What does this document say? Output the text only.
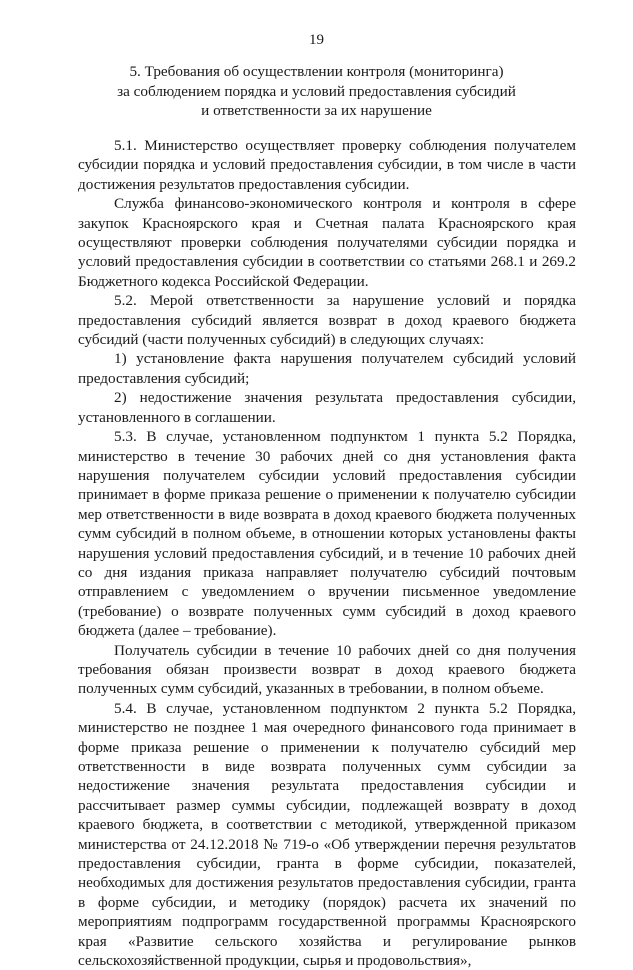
19
5. Требования об осуществлении контроля (мониторинга)
за соблюдением порядка и условий предоставления субсидий
и ответственности за их нарушение

5.1. Министерство осуществляет проверку соблюдения получателем субсидии порядка и условий предоставления субсидии, в том числе в части достижения результатов предоставления субсидии.

Служба финансово-экономического контроля и контроля в сфере закупок Красноярского края и Счетная палата Красноярского края осуществляют проверки соблюдения получателями субсидии порядка и условий предоставления субсидии в соответствии со статьями 268.1 и 269.2 Бюджетного кодекса Российской Федерации.

5.2. Мерой ответственности за нарушение условий и порядка предоставления субсидий является возврат в доход краевого бюджета субсидий (части полученных субсидий) в следующих случаях:

1) установление факта нарушения получателем субсидий условий предоставления субсидий;

2) недостижение значения результата предоставления субсидии, установленного в соглашении.

5.3. В случае, установленном подпунктом 1 пункта 5.2 Порядка, министерство в течение 30 рабочих дней со дня установления факта нарушения получателем субсидии условий предоставления субсидии принимает в форме приказа решение о применении к получателю субсидии мер ответственности в виде возврата в доход краевого бюджета полученных сумм субсидий в полном объеме, в отношении которых установлены факты нарушения условий предоставления субсидий, и в течение 10 рабочих дней со дня издания приказа направляет получателю субсидий почтовым отправлением с уведомлением о вручении письменное уведомление (требование) о возврате полученных сумм субсидий в доход краевого бюджета (далее – требование).

Получатель субсидии в течение 10 рабочих дней со дня получения требования обязан произвести возврат в доход краевого бюджета полученных сумм субсидий, указанных в требовании, в полном объеме.

5.4. В случае, установленном подпунктом 2 пункта 5.2 Порядка, министерство не позднее 1 мая очередного финансового года принимает в форме приказа решение о применении к получателю субсидий мер ответственности в виде возврата полученных сумм субсидии за недостижение значения результата предоставления субсидии и рассчитывает размер суммы субсидии, подлежащей возврату в доход краевого бюджета, в соответствии с методикой, утвержденной приказом министерства от 24.12.2018 № 719-о «Об утверждении перечня результатов предоставления субсидии, гранта в форме субсидии, показателей, необходимых для достижения результатов предоставления субсидии, гранта в форме субсидии, и методику (порядок) расчета их значений по мероприятиям подпрограмм государственной программы Красноярского края «Развитие сельского хозяйства и регулирование рынков сельскохозяйственной продукции, сырья и продовольствия»,
